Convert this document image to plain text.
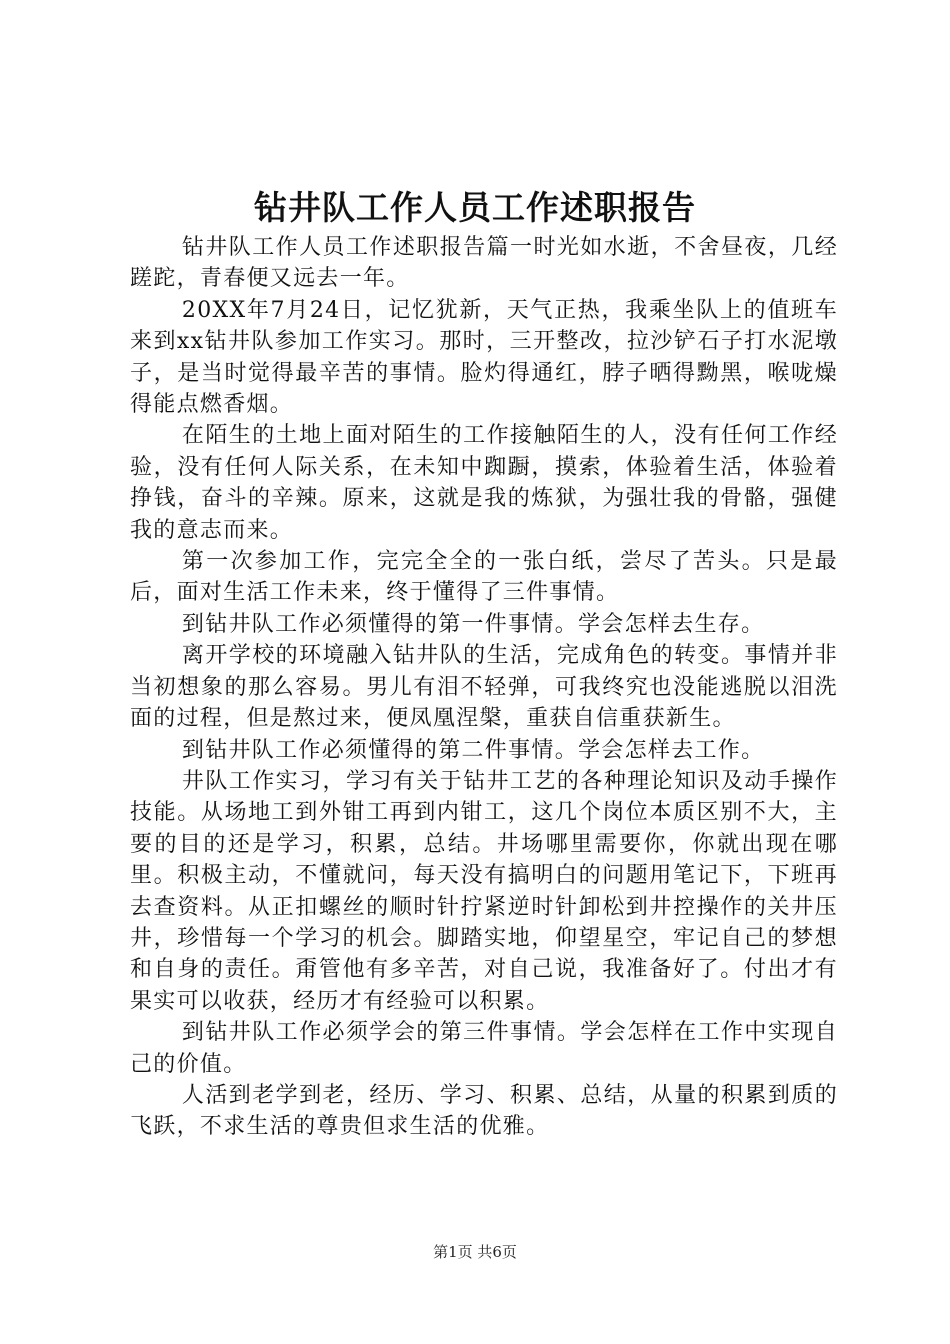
钻井队工作人员工作述职报告

钻井队工作人员工作述职报告篇一时光如水逝，不舍昼夜，几经蹉跎，青春便又远去一年。

20XX年7月24日，记忆犹新，天气正热，我乘坐队上的值班车来到xx钻井队参加工作实习。那时，三开整改，拉沙铲石子打水泥墩子，是当时觉得最辛苦的事情。脸灼得通红，脖子晒得黝黑，喉咙燥得能点燃香烟。

在陌生的土地上面对陌生的工作接触陌生的人，没有任何工作经验，没有任何人际关系，在未知中踟蹰，摸索，体验着生活，体验着挣钱，奋斗的辛辣。原来，这就是我的炼狱，为强壮我的骨骼，强健我的意志而来。

第一次参加工作，完完全全的一张白纸，尝尽了苦头。只是最后，面对生活工作未来，终于懂得了三件事情。

到钻井队工作必须懂得的第一件事情。学会怎样去生存。

离开学校的环境融入钻井队的生活，完成角色的转变。事情并非当初想象的那么容易。男儿有泪不轻弹，可我终究也没能逃脱以泪洗面的过程，但是熬过来，便凤凰涅槃，重获自信重获新生。

到钻井队工作必须懂得的第二件事情。学会怎样去工作。

井队工作实习，学习有关于钻井工艺的各种理论知识及动手操作技能。从场地工到外钳工再到内钳工，这几个岗位本质区别不大，主要的目的还是学习，积累，总结。井场哪里需要你，你就出现在哪里。积极主动，不懂就问，每天没有搞明白的问题用笔记下，下班再去查资料。从正扣螺丝的顺时针拧紧逆时针卸松到井控操作的关井压井，珍惜每一个学习的机会。脚踏实地，仰望星空，牢记自己的梦想和自身的责任。甭管他有多辛苦，对自己说，我准备好了。付出才有果实可以收获，经历才有经验可以积累。

到钻井队工作必须学会的第三件事情。学会怎样在工作中实现自己的价值。

人活到老学到老，经历、学习、积累、总结，从量的积累到质的飞跃，不求生活的尊贵但求生活的优雅。

第1页 共6页
